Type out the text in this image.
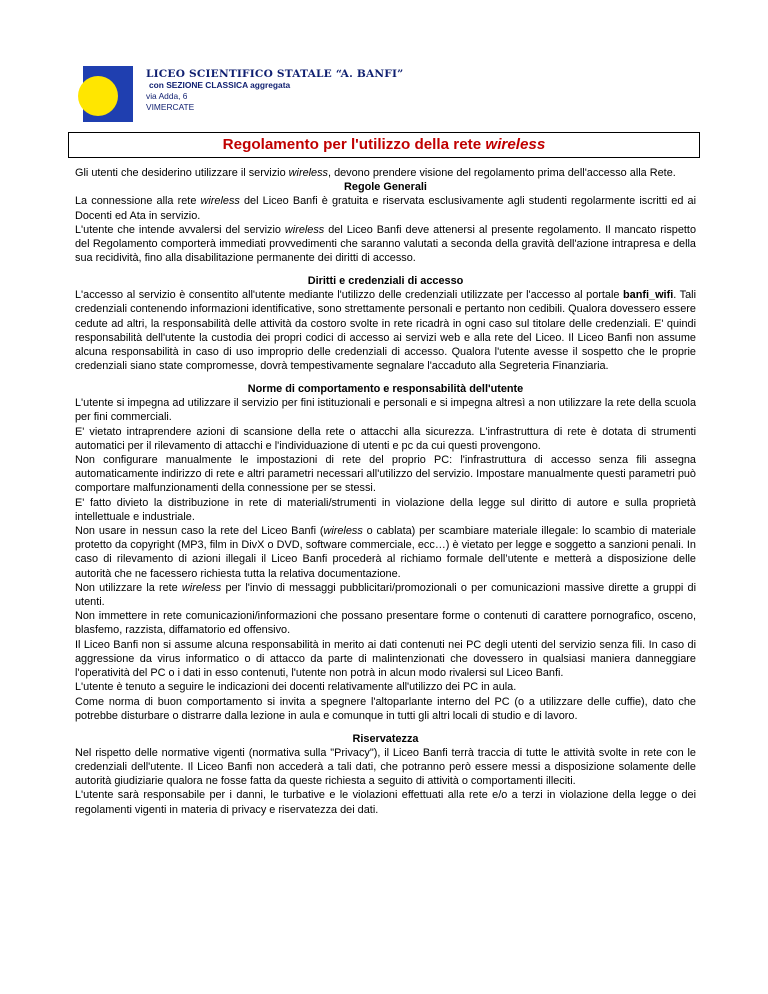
LICEO SCIENTIFICO STATALE “A. BANFI”
con SEZIONE CLASSICA aggregata
via Adda, 6
VIMERCATE
Regolamento per l'utilizzo della rete wireless

Gli utenti che desiderino utilizzare il servizio wireless, devono prendere visione del regolamento prima dell'accesso alla Rete.

Regole Generali

La connessione alla rete wireless del Liceo Banfi è gratuita e riservata esclusivamente agli studenti regolarmente iscritti ed ai Docenti ed Ata in servizio.

L'utente che intende avvalersi del servizio wireless del Liceo Banfi deve attenersi al presente regolamento. Il mancato rispetto del Regolamento comporterà immediati provvedimenti che saranno valutati a seconda della gravità dell'azione intrapresa e della sua recidività, fino alla disabilitazione permanente dei diritti di accesso.

Diritti e credenziali di accesso

L'accesso al servizio è consentito all'utente mediante l'utilizzo delle credenziali utilizzate per l'accesso al portale banfi_wifi. Tali credenziali contenendo informazioni identificative, sono strettamente personali e pertanto non cedibili. Qualora dovessero essere cedute ad altri, la responsabilità delle attività da costoro svolte in rete ricadrà in ogni caso sul titolare delle credenziali. E' quindi responsabilità dell'utente la custodia dei propri codici di accesso ai servizi web e alla rete del Liceo. Il Liceo Banfi non assume alcuna responsabilità in caso di uso improprio delle credenziali di accesso. Qualora l'utente avesse il sospetto che le proprie credenziali siano state compromesse, dovrà tempestivamente segnalare l'accaduto alla Segreteria Finanziaria.

Norme di comportamento e responsabilità dell'utente

L'utente si impegna ad utilizzare il servizio per fini istituzionali e personali e si impegna altresì a non utilizzare la rete della scuola per fini commerciali.

E' vietato intraprendere azioni di scansione della rete o attacchi alla sicurezza. L'infrastruttura di rete è dotata di strumenti automatici per il rilevamento di attacchi e l'individuazione di utenti e pc da cui questi provengono.

Non configurare manualmente le impostazioni di rete del proprio PC: l'infrastruttura di accesso senza fili assegna automaticamente indirizzo di rete e altri parametri necessari all'utilizzo del servizio. Impostare manualmente questi parametri può comportare malfunzionamenti della connessione per se stessi.

E' fatto divieto la distribuzione in rete di materiali/strumenti in violazione della legge sul diritto di autore e sulla proprietà intellettuale e industriale.

Non usare in nessun caso la rete del Liceo Banfi (wireless o cablata) per scambiare materiale illegale: lo scambio di materiale protetto da copyright (MP3, film in DivX o DVD, software commerciale, ecc…) è vietato per legge e soggetto a sanzioni penali. In caso di rilevamento di azioni illegali il Liceo Banfi procederà al richiamo formale dell’utente e metterà a disposizione delle autorità che ne facessero richiesta tutta la relativa documentazione.

Non utilizzare la rete wireless per l'invio di messaggi pubblicitari/promozionali o per comunicazioni massive dirette a gruppi di utenti.

Non immettere in rete comunicazioni/informazioni che possano presentare forme o contenuti di carattere pornografico, osceno, blasfemo, razzista, diffamatorio ed offensivo.

Il Liceo Banfi non si assume alcuna responsabilità in merito ai dati contenuti nei PC degli utenti del servizio senza fili. In caso di aggressione da virus informatico o di attacco da parte di malintenzionati che dovessero in qualsiasi maniera danneggiare l'operatività del PC o i dati in esso contenuti, l'utente non potrà in alcun modo rivalersi sul Liceo Banfi.

L'utente è tenuto a seguire le indicazioni dei docenti relativamente all'utilizzo dei PC in aula.

Come norma di buon comportamento si invita a spegnere l'altoparlante interno del PC (o a utilizzare delle cuffie), dato che potrebbe disturbare o distrarre dalla lezione in aula e comunque in tutti gli altri locali di studio e di lavoro.

Riservatezza

Nel rispetto delle normative vigenti (normativa sulla "Privacy"), il Liceo Banfi terrà traccia di tutte le attività svolte in rete con le credenziali dell'utente. Il Liceo Banfi non accederà a tali dati, che potranno però essere messi a disposizione solamente delle autorità giudiziarie qualora ne fosse fatta da queste richiesta a seguito di attività o comportamenti illeciti.

L'utente sarà responsabile per i danni, le turbative e le violazioni effettuati alla rete e/o a terzi in violazione della legge o dei regolamenti vigenti in materia di privacy e riservatezza dei dati.
